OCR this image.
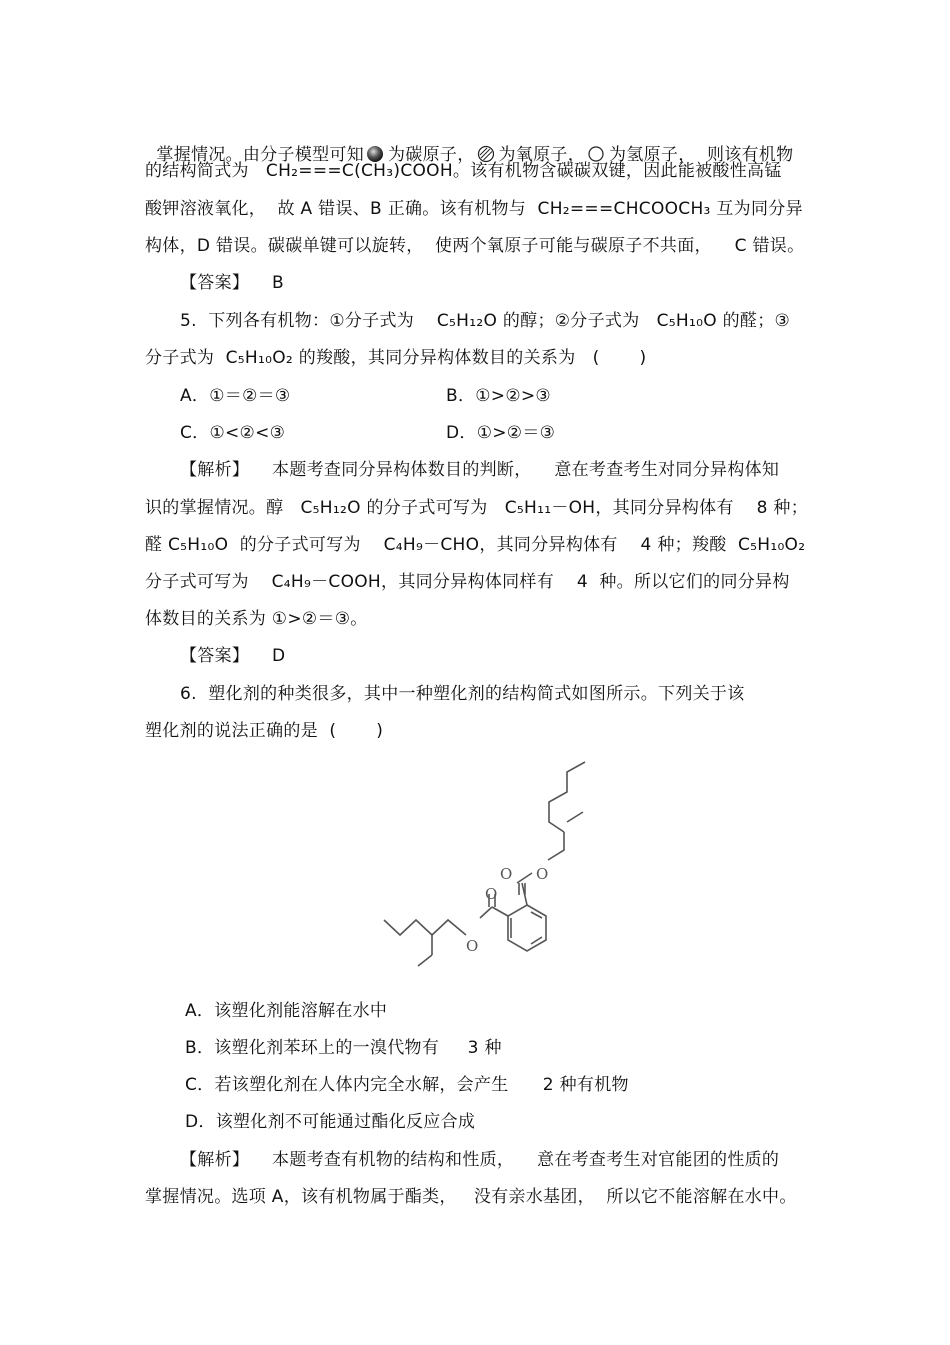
掌握情况。由分子模型可知 为碳原子， 为氧原子， 为氢原子，  则该有机物

的结构简式为   CH₂===C(CH₃)COOH。该有机物含碳碳双键，因此能被酸性高锰
酸钾溶液氧化，  故 A 错误、B 正确。该有机物与  CH₂===CHCOOCH₃ 互为同分异
构体，D 错误。碳碳单键可以旋转，  使两个氧原子可能与碳原子不共面，    C 错误。
【答案】    B
5.  下列各有机物：①分子式为    C₅H₁₂O 的醇；②分子式为   C₅H₁₀O 的醛；③
分子式为  C₅H₁₀O₂ 的羧酸，其同分异构体数目的关系为   (       )
A．①＝②＝③	B．①>②>③
C．①<②<③	D．①>②＝③
【解析】    本题考查同分异构体数目的判断，    意在考查考生对同分异构体知
识的掌握情况。醇   C₅H₁₂O 的分子式可写为   C₅H₁₁－OH，其同分异构体有    8 种；
醛 C₅H₁₀O  的分子式可写为    C₄H₉－CHO，其同分异构体有    4 种；羧酸  C₅H₁₀O₂
分子式可写为    C₄H₉－COOH，其同分异构体同样有    4  种。所以它们的同分异构
体数目的关系为 ①>②＝③。
【答案】    D
6.  塑化剂的种类很多，其中一种塑化剂的结构简式如图所示。下列关于该
塑化剂的说法正确的是  (       )
O O
O
O
A．该塑化剂能溶解在水中
B．该塑化剂苯环上的一溴代物有     3 种
C．若该塑化剂在人体内完全水解，会产生      2 种有机物
D．该塑化剂不可能通过酯化反应合成
【解析】    本题考查有机物的结构和性质，    意在考查考生对官能团的性质的
掌握情况。选项 A，该有机物属于酯类，   没有亲水基团，  所以它不能溶解在水中。
